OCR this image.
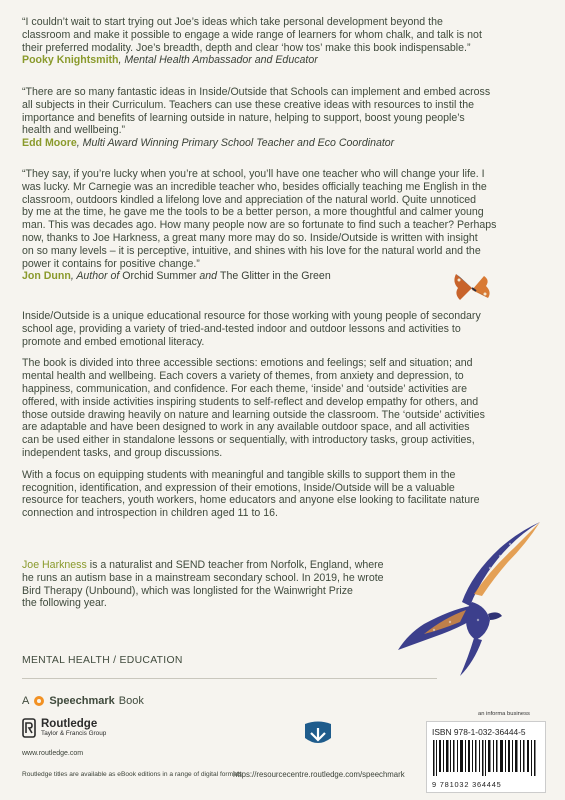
“I couldn’t wait to start trying out Joe’s ideas which take personal development beyond the
classroom and make it possible to engage a wide range of learners for whom chalk, and talk is not
their preferred modality. Joe’s breadth, depth and clear ‘how tos’ make this book indispensable.”

Pooky Knightsmith, Mental Health Ambassador and Educator

“There are so many fantastic ideas in Inside/Outside that Schools can implement and embed across
all subjects in their Curriculum. Teachers can use these creative ideas with resources to instil the
importance and benefits of learning outside in nature, helping to support, boost young people’s
health and wellbeing.”

Edd Moore, Multi Award Winning Primary School Teacher and Eco Coordinator

“They say, if you’re lucky when you’re at school, you’ll have one teacher who will change your life. I
was lucky. Mr Carnegie was an incredible teacher who, besides officially teaching me English in the
classroom, outdoors kindled a lifelong love and appreciation of the natural world. Quite unnoticed
by me at the time, he gave me the tools to be a better person, a more thoughtful and calmer young
man. This was decades ago. How many people now are so fortunate to find such a teacher? Perhaps
now, thanks to Joe Harkness, a great many more may do so. Inside/Outside is written with insight
on so many levels – it is perceptive, intuitive, and shines with his love for the natural world and the
power it contains for positive change.”

Jon Dunn, Author of Orchid Summer and The Glitter in the Green

Inside/Outside is a unique educational resource for those working with young people of secondary
school age, providing a variety of tried-and-tested indoor and outdoor lessons and activities to
promote and embed emotional literacy.

The book is divided into three accessible sections: emotions and feelings; self and situation; and
mental health and wellbeing. Each covers a variety of themes, from anxiety and depression, to
happiness, communication, and confidence. For each theme, ‘inside’ and ‘outside’ activities are
offered, with inside activities inspiring students to self-reflect and develop empathy for others, and
those outside drawing heavily on nature and learning outside the classroom. The ‘outside’ activities
are adaptable and have been designed to work in any available outdoor space, and all activities
can be used either in standalone lessons or sequentially, with introductory tasks, group activities,
independent tasks, and group discussions.

With a focus on equipping students with meaningful and tangible skills to support them in the
recognition, identification, and expression of their emotions, Inside/Outside will be a valuable
resource for teachers, youth workers, home educators and anyone else looking to facilitate nature
connection and introspection in children aged 11 to 16.

Joe Harkness is a naturalist and SEND teacher from Norfolk, England, where
he runs an autism base in a mainstream secondary school. In 2019, he wrote
Bird Therapy (Unbound), which was longlisted for the Wainwright Prize
the following year.

MENTAL HEALTH / EDUCATION
A Speechmark Book
Routledge
Taylor & Francis Group
www.routledge.com
Routledge titles are available as eBook editions in a range of digital formats
https://resourcecentre.routledge.com/speechmark
an informa business
ISBN 978-1-032-36444-5
9 781032 364445
